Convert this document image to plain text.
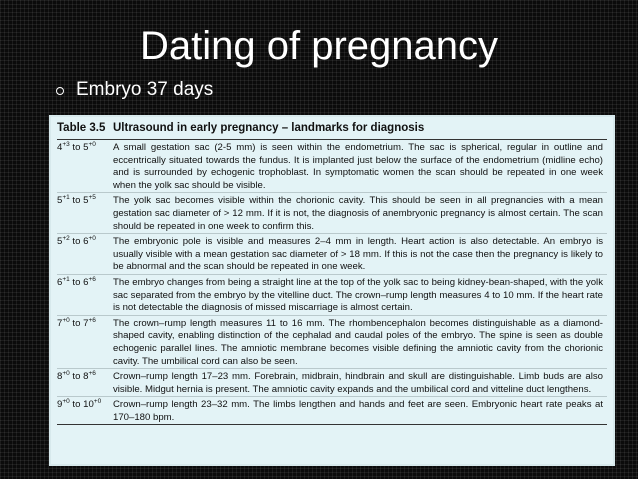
Dating of pregnancy
Embryo 37 days
Table 3.5 Ultrasound in early pregnancy – landmarks for diagnosis
$4^{+3}$ to $5^{+0}$	A small gestation sac (2-5 mm) is seen within the endometrium. The sac is spherical, regular in outline and eccentrically situated towards the fundus. It is implanted just below the surface of the endometrium (midline echo) and is surrounded by echogenic trophoblast. In symptomatic women the scan should be repeated in one week when the yolk sac should be visible.
$5^{+1}$ to $5^{+5}$	The yolk sac becomes visible within the chorionic cavity. This should be seen in all pregnancies with a mean gestation sac diameter of > 12 mm. If it is not, the diagnosis of anembryonic pregnancy is almost certain. The scan should be repeated in one week to confirm this.
$5^{+2}$ to $6^{+0}$	The embryonic pole is visible and measures 2–4 mm in length. Heart action is also detectable. An embryo is usually visible with a mean gestation sac diameter of > 18 mm. If this is not the case then the pregnancy is likely to be abnormal and the scan should be repeated in one week.
$6^{+1}$ to $6^{+6}$	The embryo changes from being a straight line at the top of the yolk sac to being kidney-bean-shaped, with the yolk sac separated from the embryo by the vitelline duct. The crown–rump length measures 4 to 10 mm. If the heart rate is not detectable the diagnosis of missed miscarriage is almost certain.
$7^{+0}$ to $7^{+6}$	The crown–rump length measures 11 to 16 mm. The rhombencephalon becomes distinguishable as a diamond-shaped cavity, enabling distinction of the cephalad and caudal poles of the embryo. The spine is seen as double echogenic parallel lines. The amniotic membrane becomes visible defining the amniotic cavity from the chorionic cavity. The umbilical cord can also be seen.
$8^{+0}$ to $8^{+6}$	Crown–rump length 17–23 mm. Forebrain, midbrain, hindbrain and skull are distinguishable. Limb buds are also visible. Midgut hernia is present. The amniotic cavity expands and the umbilical cord and vitteline duct lengthens.
$9^{+0}$ to $10^{+0}$	Crown–rump length 23–32 mm. The limbs lengthen and hands and feet are seen. Embryonic heart rate peaks at 170–180 bpm.
